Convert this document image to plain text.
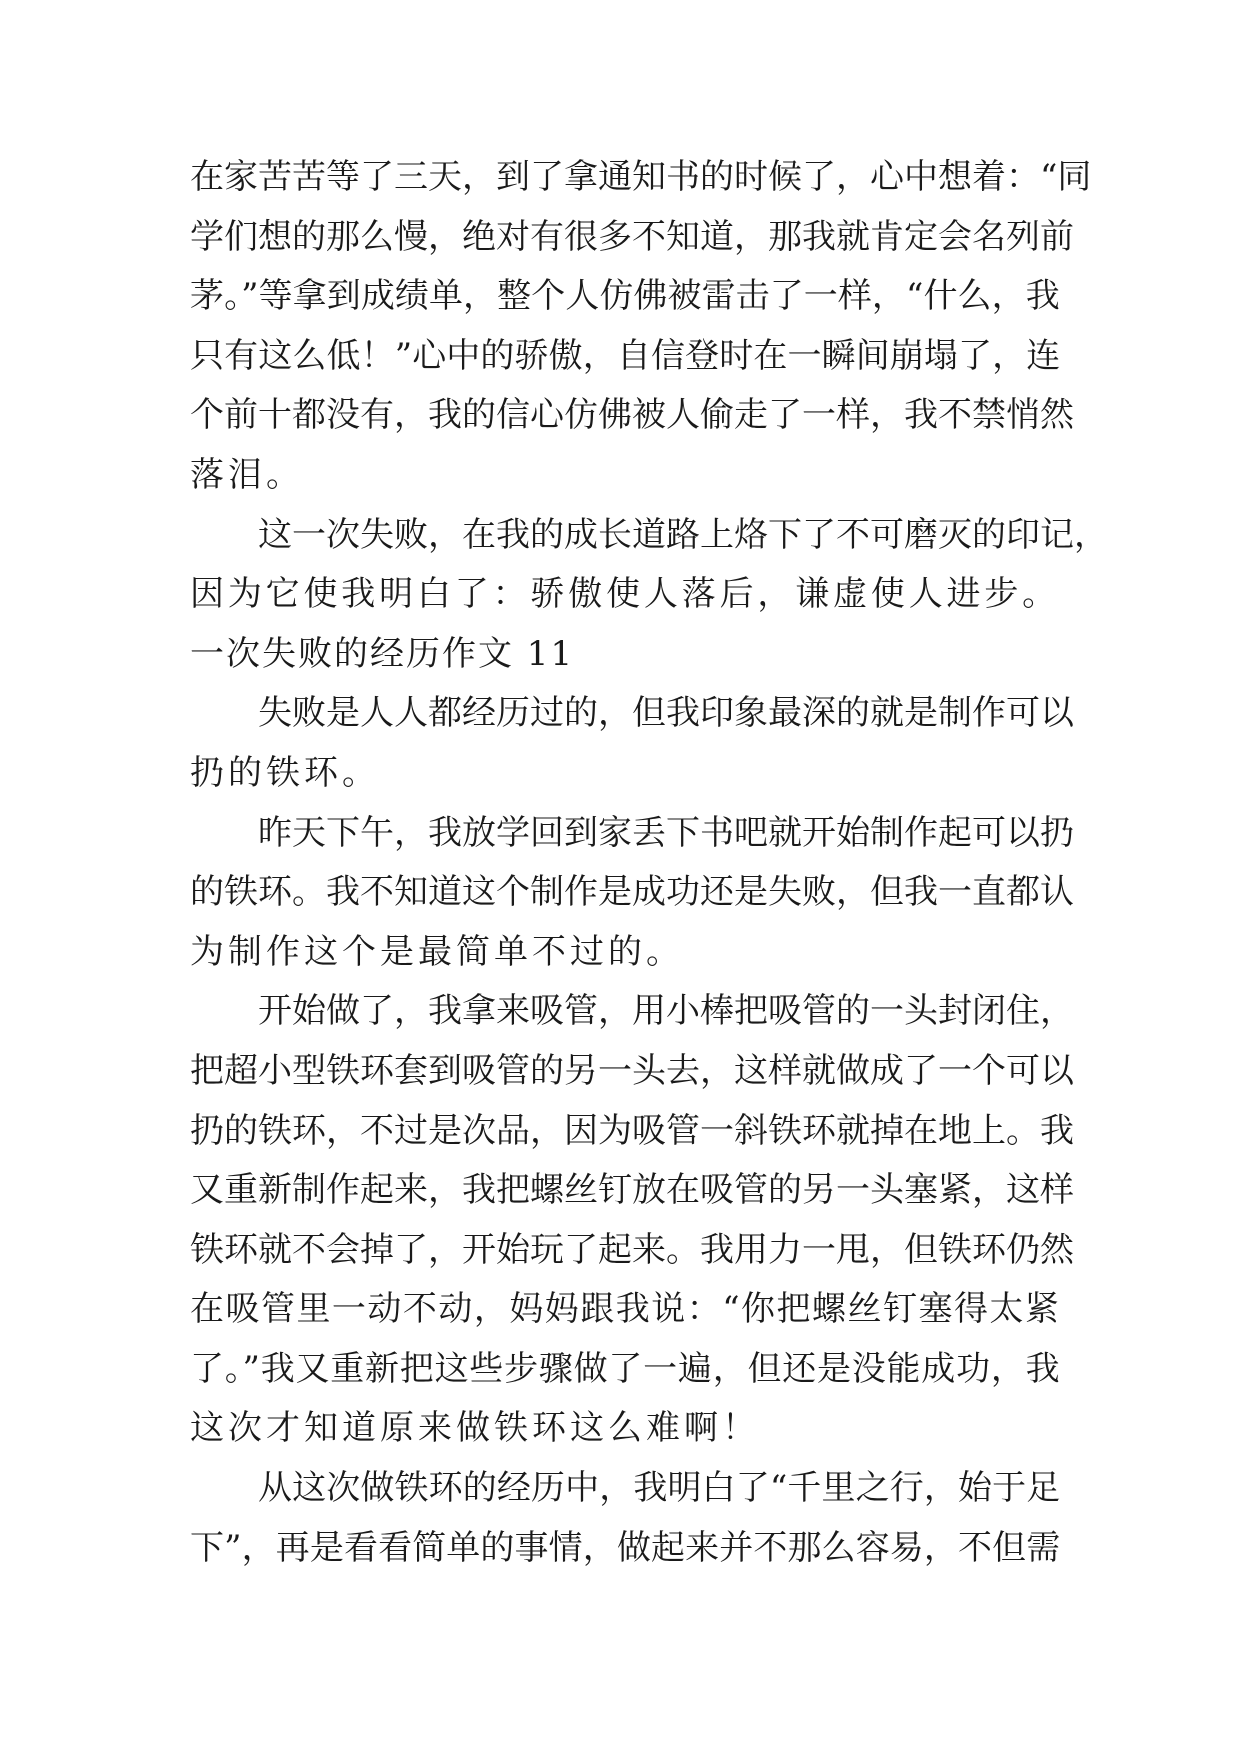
在家苦苦等了三天，到了拿通知书的时候了，心中想着：“同
学们想的那么慢，绝对有很多不知道，那我就肯定会名列前
茅。”等拿到成绩单，整个人仿佛被雷击了一样，“什么，我
只有这么低！”心中的骄傲，自信登时在一瞬间崩塌了，连
个前十都没有，我的信心仿佛被人偷走了一样，我不禁悄然
落泪。
这一次失败，在我的成长道路上烙下了不可磨灭的印记，
因为它使我明白了：骄傲使人落后，谦虚使人进步。
一次失败的经历作文 11
失败是人人都经历过的，但我印象最深的就是制作可以
扔的铁环。
昨天下午，我放学回到家丢下书吧就开始制作起可以扔
的铁环。我不知道这个制作是成功还是失败，但我一直都认
为制作这个是最简单不过的。
开始做了，我拿来吸管，用小棒把吸管的一头封闭住，
把超小型铁环套到吸管的另一头去，这样就做成了一个可以
扔的铁环，不过是次品，因为吸管一斜铁环就掉在地上。我
又重新制作起来，我把螺丝钉放在吸管的另一头塞紧，这样
铁环就不会掉了，开始玩了起来。我用力一甩，但铁环仍然
在吸管里一动不动，妈妈跟我说：“你把螺丝钉塞得太紧
了。”我又重新把这些步骤做了一遍，但还是没能成功，我
这次才知道原来做铁环这么难啊！
从这次做铁环的经历中，我明白了“千里之行，始于足
下”，再是看看简单的事情，做起来并不那么容易，不但需
